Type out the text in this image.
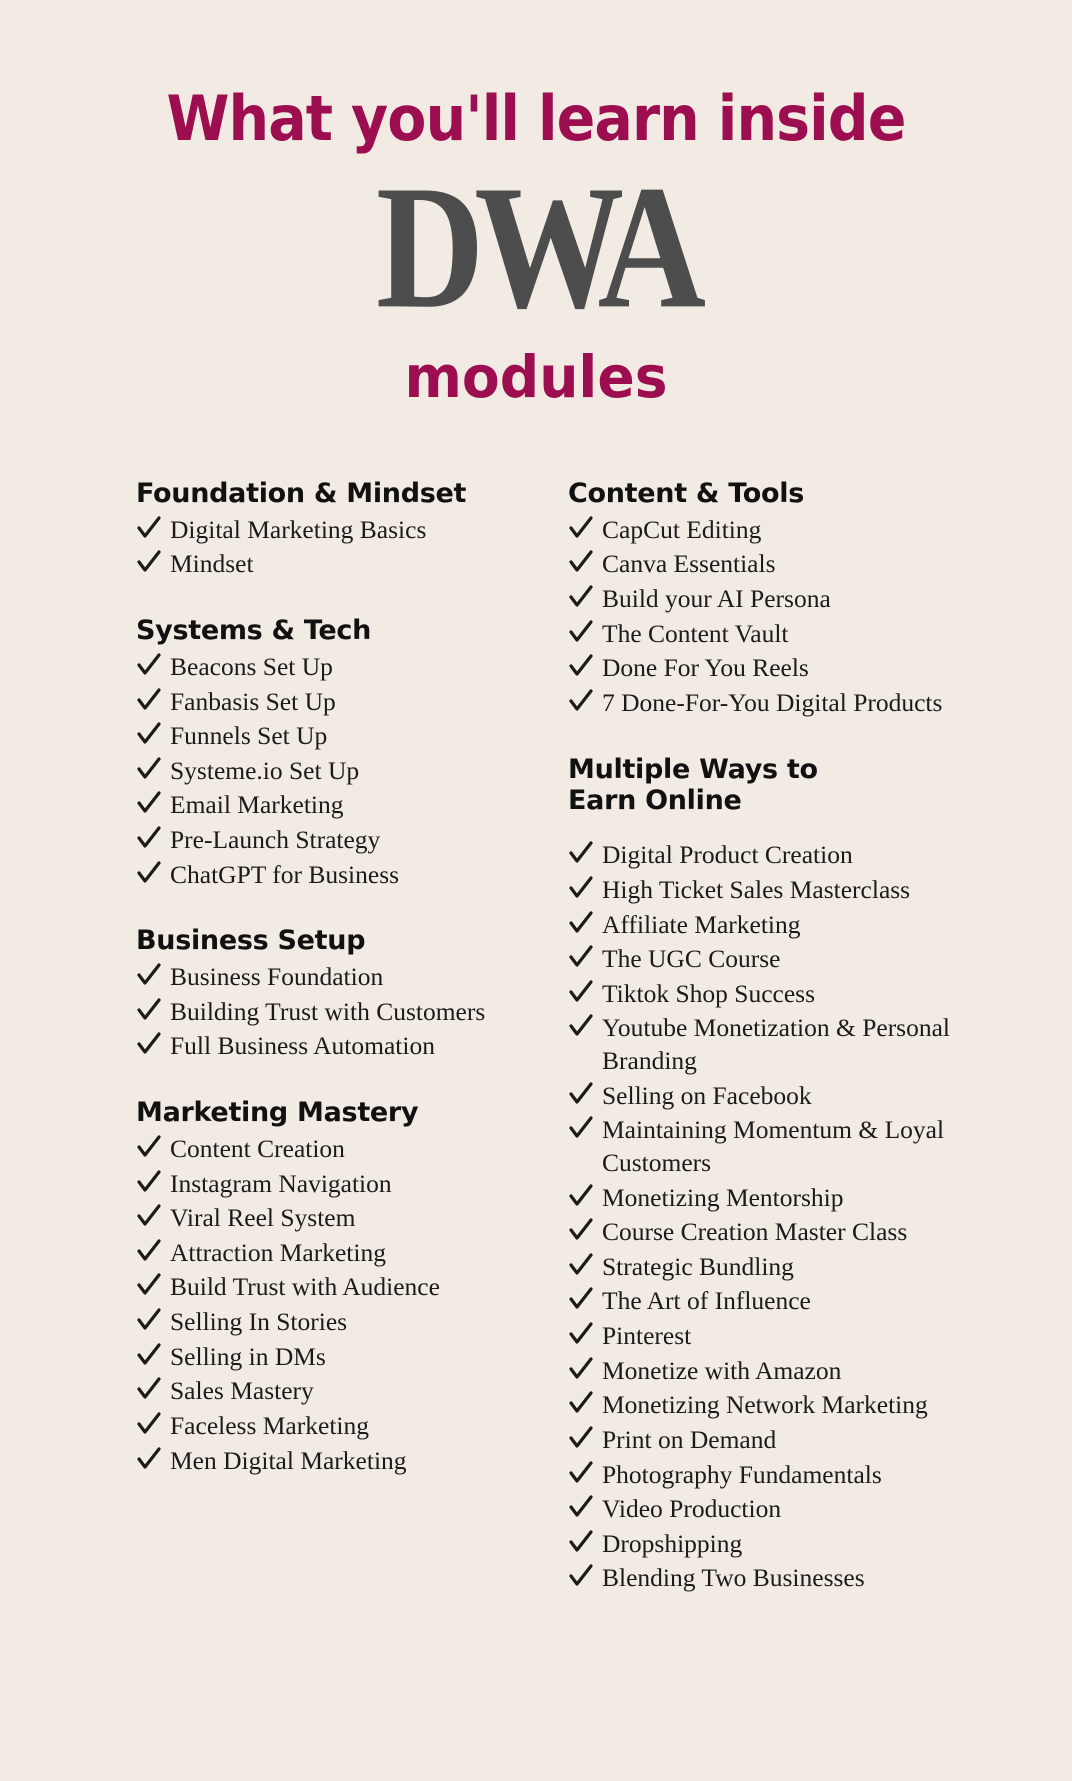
What you'll learn inside
DWA
modules
Foundation & Mindset
Digital Marketing Basics
Mindset
Systems & Tech
Beacons Set Up
Fanbasis Set Up
Funnels Set Up
Systeme.io Set Up
Email Marketing
Pre-Launch Strategy
ChatGPT for Business
Business Setup
Business Foundation
Building Trust with Customers
Full Business Automation
Marketing Mastery
Content Creation
Instagram Navigation
Viral Reel System
Attraction Marketing
Build Trust with Audience
Selling In Stories
Selling in DMs
Sales Mastery
Faceless Marketing
Men Digital Marketing
Content & Tools
CapCut Editing
Canva Essentials
Build your AI Persona
The Content Vault
Done For You Reels
7 Done-For-You Digital Products
Multiple Ways to
Earn Online
Digital Product Creation
High Ticket Sales Masterclass
Affiliate Marketing
The UGC Course
Tiktok Shop Success
Youtube Monetization & Personal Branding
Selling on Facebook
Maintaining Momentum & Loyal Customers
Monetizing Mentorship
Course Creation Master Class
Strategic Bundling
The Art of Influence
Pinterest
Monetize with Amazon
Monetizing Network Marketing
Print on Demand
Photography Fundamentals
Video Production
Dropshipping
Blending Two Businesses
